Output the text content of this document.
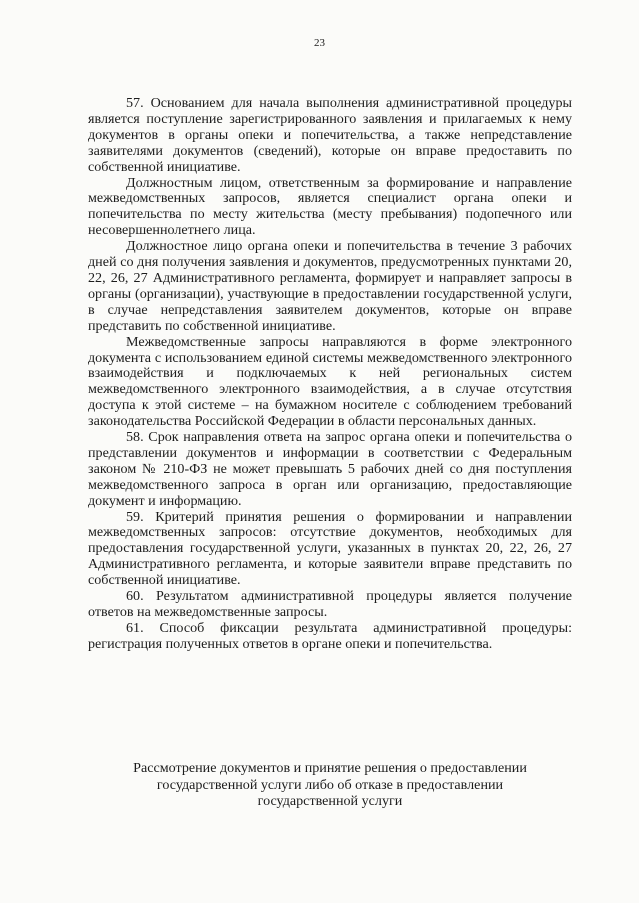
23

57. Основанием для начала выполнения административной процедуры является поступление зарегистрированного заявления и прилагаемых к нему документов в органы опеки и попечительства, а также непредставление заявителями документов (сведений), которые он вправе предоставить по собственной инициативе.

Должностным лицом, ответственным за формирование и направление межведомственных запросов, является специалист органа опеки и попечительства по месту жительства (месту пребывания) подопечного или несовершеннолетнего лица.

Должностное лицо органа опеки и попечительства в течение 3 рабочих дней со дня получения заявления и документов, предусмотренных пунктами 20, 22, 26, 27 Административного регламента, формирует и направляет запросы в органы (организации), участвующие в предоставлении государственной услуги, в случае непредставления заявителем документов, которые он вправе представить по собственной инициативе.

Межведомственные запросы направляются в форме электронного документа с использованием единой системы межведомственного электронного взаимодействия и подключаемых к ней региональных систем межведомственного электронного взаимодействия, а в случае отсутствия доступа к этой системе – на бумажном носителе с соблюдением требований законодательства Российской Федерации в области персональных данных.

58. Срок направления ответа на запрос органа опеки и попечительства о представлении документов и информации в соответствии с Федеральным законом № 210-ФЗ не может превышать 5 рабочих дней со дня поступления межведомственного запроса в орган или организацию, предоставляющие документ и информацию.

59. Критерий принятия решения о формировании и направлении межведомственных запросов: отсутствие документов, необходимых для предоставления государственной услуги, указанных в пунктах 20, 22, 26, 27 Административного регламента, и которые заявители вправе представить по собственной инициативе.

60. Результатом административной процедуры является получение ответов на межведомственные запросы.

61. Способ фиксации результата административной процедуры: регистрация полученных ответов в органе опеки и попечительства.

Рассмотрение документов и принятие решения о предоставлении
государственной услуги либо об отказе в предоставлении
государственной услуги
